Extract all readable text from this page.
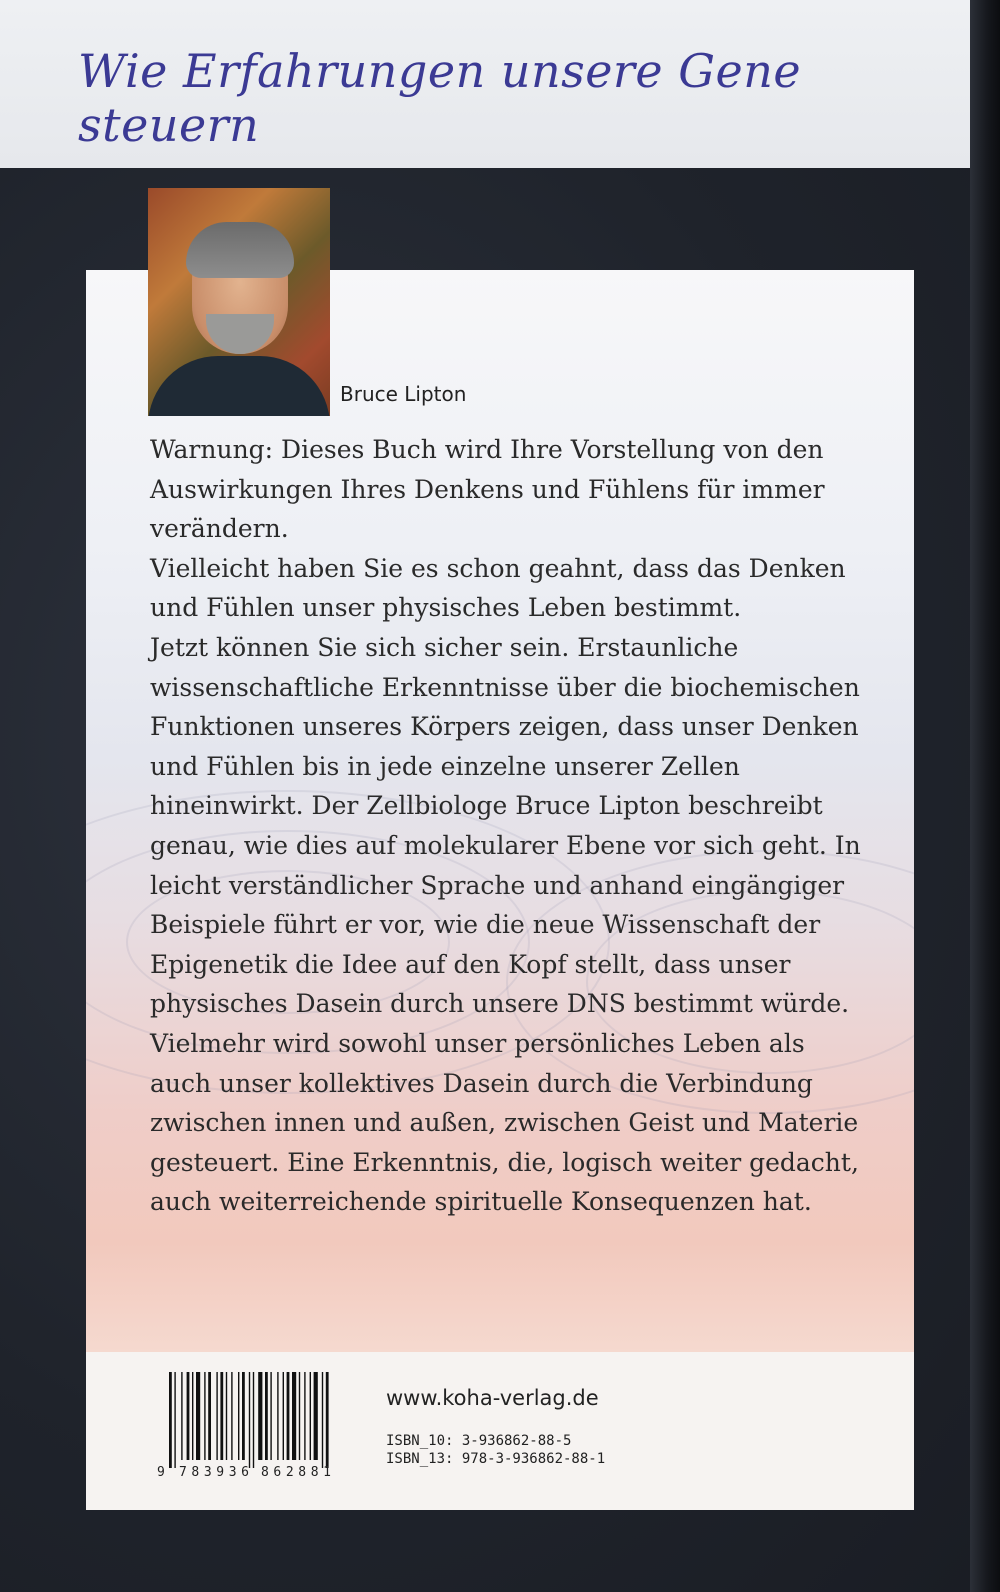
Wie Erfahrungen unsere Gene steuern
Bruce Lipton

Warnung: Dieses Buch wird Ihre Vorstellung von den Auswirkungen Ihres Denkens und Fühlens für immer verändern.

Vielleicht haben Sie es schon geahnt, dass das Denken und Fühlen unser physisches Leben bestimmt.

Jetzt können Sie sich sicher sein. Erstaunliche wissenschaftliche Erkenntnisse über die biochemischen Funktionen unseres Körpers zeigen, dass unser Denken und Fühlen bis in jede einzelne unserer Zellen hineinwirkt. Der Zellbiologe Bruce Lipton beschreibt genau, wie dies auf molekularer Ebene vor sich geht. In leicht verständlicher Sprache und anhand eingängiger Beispiele führt er vor, wie die neue Wissenschaft der Epigenetik die Idee auf den Kopf stellt, dass unser physisches Dasein durch unsere DNS bestimmt würde. Vielmehr wird sowohl unser persönliches Leben als auch unser kollektives Dasein durch die Verbindung zwischen innen und außen, zwischen Geist und Materie gesteuert. Eine Erkenntnis, die, logisch weiter gedacht, auch weiterreichende spirituelle Konsequenzen hat.

9 783936 862881
www.koha-verlag.de
ISBN_10: 3-936862-88-5
ISBN_13: 978-3-936862-88-1
